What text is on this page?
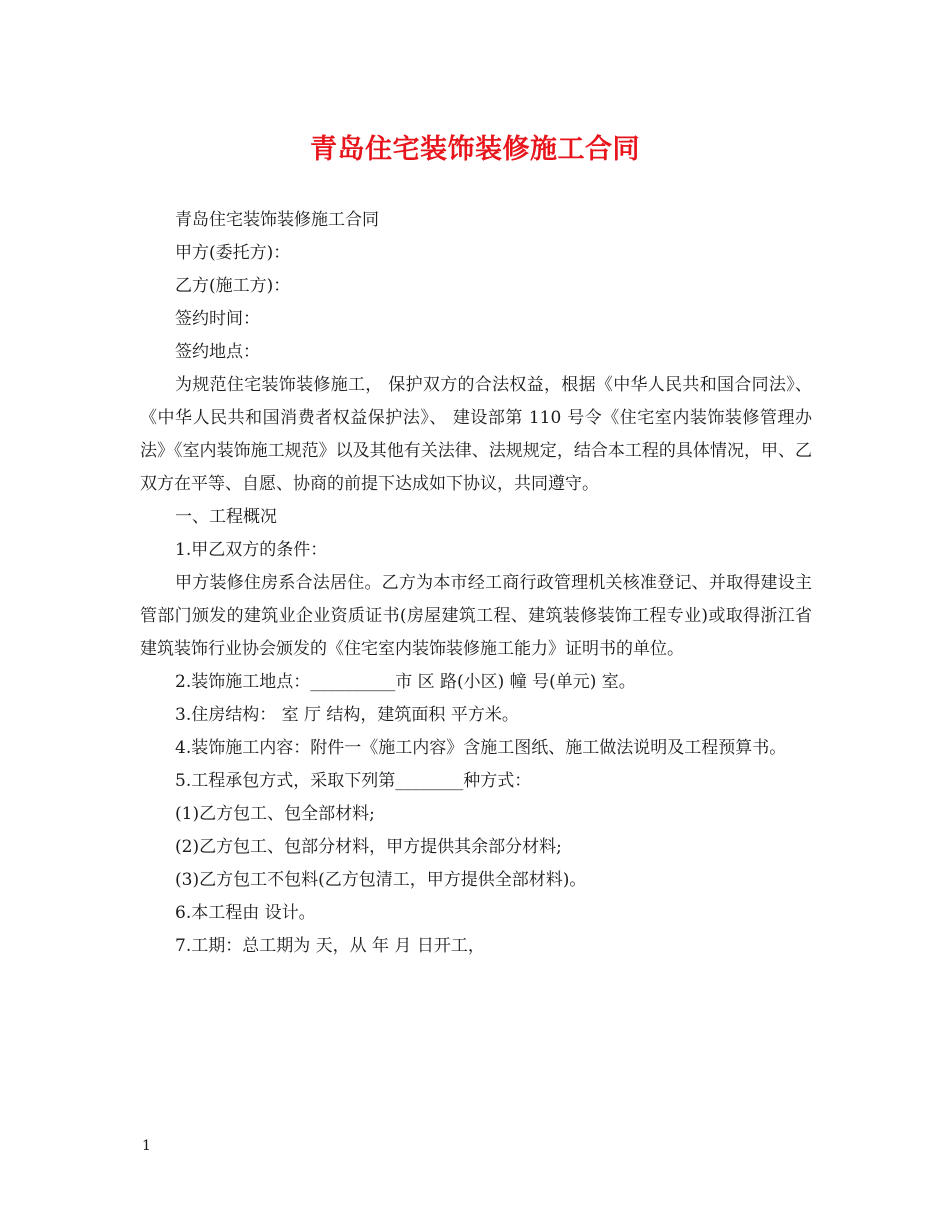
青岛住宅装饰装修施工合同

青岛住宅装饰装修施工合同

甲方(委托方)：

乙方(施工方)：

签约时间：

签约地点：

为规范住宅装饰装修施工， 保护双方的合法权益，根据《中华人民共和国合同法》、《中华人民共和国消费者权益保护法》、 建设部第 110 号令《住宅室内装饰装修管理办法》《室内装饰施工规范》以及其他有关法律、法规规定，结合本工程的具体情况，甲、乙双方在平等、自愿、协商的前提下达成如下协议，共同遵守。

一、工程概况

1.甲乙双方的条件：

甲方装修住房系合法居住。乙方为本市经工商行政管理机关核准登记、并取得建设主管部门颁发的建筑业企业资质证书(房屋建筑工程、建筑装修装饰工程专业)或取得浙江省建筑装饰行业协会颁发的《住宅室内装饰装修施工能力》证明书的单位。

2.装饰施工地点：__________市 区 路(小区) 幢 号(单元) 室。

3.住房结构： 室 厅 结构，建筑面积 平方米。

4.装饰施工内容：附件一《施工内容》含施工图纸、施工做法说明及工程预算书。

5.工程承包方式，采取下列第________种方式：

(1)乙方包工、包全部材料;

(2)乙方包工、包部分材料，甲方提供其余部分材料;

(3)乙方包工不包料(乙方包清工，甲方提供全部材料)。

6.本工程由 设计。

7.工期：总工期为 天，从 年 月 日开工，

1
